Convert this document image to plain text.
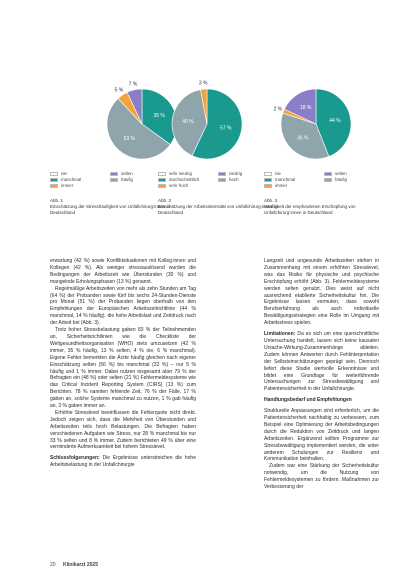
35 %
53 %
5 %
7 %
57 %
40 %
3 %
44 %
36 %
2 %	18 %
nie	selten
manchmal	häufig
immer
sehr niedrig	niedrig
durchschnittlich	hoch
sehr hoch
nie	selten
manchmal	häufig
immer
Abb. 1
Einschätzung der Stresshäufigkeit von Unfallchirurg:innen in Deutschland
Abb. 2
Einschätzung der Arbeitsintensität von Unfallchirurg:innen in Deutschland
Abb. 3
Häufigkeit der empfundenen Erschöpfung von Unfallchirurg:innen in Deutschland

erwartung (42 %) sowie Konfliktsituationen mit Kolleg:innen und Kollegen (42 %). Als weniger stressauslösend wurden die Bedingungen der Arbeitszeit wie Überstunden (30 %) und mangelnde Erholungsphasen (13 %) genannt.

Regelmäßige Arbeitszeiten von mehr als zehn Stunden am Tag (64 %) der Probanden sowie fünf bis sechs 24-Stunden-Dienste pro Monat (51 %) der Probanden liegen oberhalb von den Empfehlungen der Europäischen Arbeitszeitrichtlinie (44 % manchmal, 14 % häufig), die hohe Arbeitslast und Zeitdruck nach der Arbeit bei (Abb. 3).

Trotz hoher Stressbelastung gaben 83 % der Teilnehmenden an, Sicherheitsrichtlinien wie die Checkliste der Weltgesundheitsorganisation (WHO) stets umzusetzen (42 % immer, 35 % häufig, 13 % selten, 4 % nie, 6 % manchmal). Eigene Fehler bemerkten die Ärzte häufig gleichen nach eigener Einschätzung selten (56 %) bis manchmal (32 %) – nur 5 % häufig und 1 % immer. Dabei nutzen insgesamt aber 79 % der Befragten ein (48 %) oder selten (21 %) Fehlermeldesysteme wie das Critical Incident Reporting System (CIRS) (13 %) zum Berichten. 78 % nannten fehlende Zeit, 76 % der Fälle, 17 % gaben an, solche Systeme manchmal zu nutzen, 1 % gab häufig an, 3 % gaben immer an.

Erhöhte Stresslevel beeinflussen die Fehlerquote nicht direkt. Jedoch zeigen sich, dass die Mehrheit von Überstunden und Arbeitszeiten teils hoch Belastungen. Die Befragten haben verschiedenen Aufgaben wie Stress, nur 28 % manchmal bis nur 33 % selten und 8 % immer. Zudem berichteten 49 % über eine verminderte Aufmerksamkeit bei hohem Stresslevel.

Schlussfolgerungen: Die Ergebnisse unterstreichen die hohe Arbeitsbelastung in der Unfallchirurgie

Langzeit und ungesunde Arbeitszeiten stehen in Zusammenhang mit einem erhöhten Stresslevel, was das Risiko für physische und psychische Erschöpfung erhöht (Abb. 3). Fehlermeldesysteme werden selten genutzt. Dies weist auf nicht ausreichend etablierte Sicherheitskultur hin. Die Ergebnisse lassen vermuten, dass sowohl Berufserfahrung als auch individuelle Bewältigungsstrategien eine Rolle im Umgang mit Arbeitsstress spielen.

Limitationen: Da es sich um eine querschnittliche Untersuchung handelt, lassen sich keine kausalen Ursache-Wirkung-Zusammenhänge ableiten. Zudem können Antworten durch Fehlinterpretation der Selbsteinschätzungen geprägt sein. Dennoch liefert diese Studie wertvolle Erkenntnisse und bildet eine Grundlage für weiterführende Untersuchungen zur Stressbewältigung und Patientensicherheit in der Unfallchirurgie.

Handlungsbedarf und Empfehlungen

Strukturelle Anpassungen sind erforderlich, um die Patientensicherheit nachhaltig zu verbessern, zum Beispiel eine Optimierung der Arbeitsbedingungen durch die Reduktion von Zeitdruck und langen Arbeitszeiten. Ergänzend sollten Programme zur Stressbewältigung implementiert werden, die unter anderem Schulungen zur Resilienz und Kommunikation beinhalten.

Zudem war eine Stärkung der Sicherheitskultur notwendig, um die Nutzung von Fehlermeldesystemen zu fördern. Maßnahmen zur Verbesserung der

20 Klinikarzt 2025
